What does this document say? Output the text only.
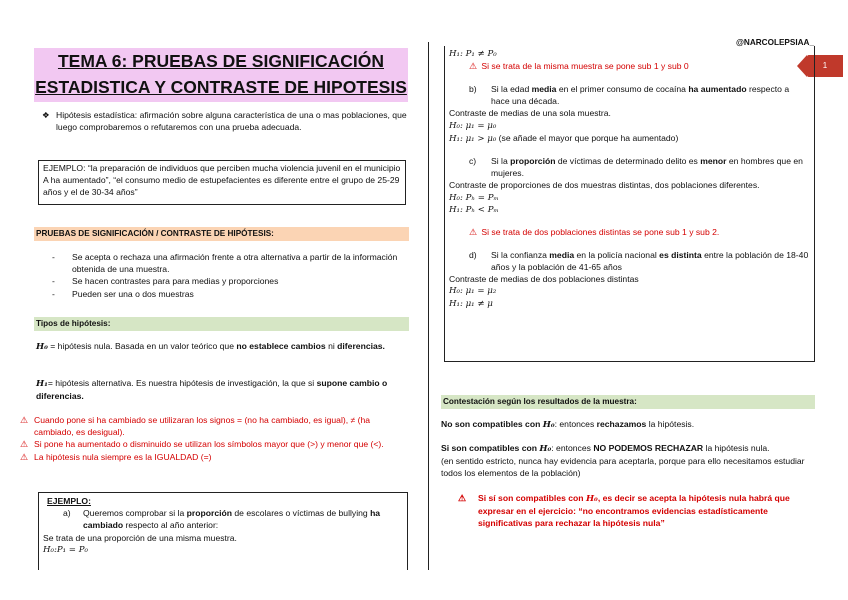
@NARCOLEPSIAA_
1
TEMA 6: PRUEBAS DE SIGNIFICACIÓN
ESTADISTICA Y CONTRASTE DE HIPOTESIS
❖ Hipótesis estadística: afirmación sobre alguna característica de una o mas poblaciones, que luego comprobaremos o refutaremos con una prueba adecuada.
EJEMPLO: “la preparación de individuos que perciben mucha violencia juvenil en el municipio A ha aumentado”, “el consumo medio de estupefacientes es diferente entre el grupo de 25-29 años y el de 30-34 años”
PRUEBAS DE SIGNIFICACIÓN / CONTRASTE DE HIPÓTESIS:
-	Se acepta o rechaza una afirmación frente a otra alternativa a partir de la información obtenida de una muestra.
-	Se hacen contrastes para para medias y proporciones
-	Pueden ser una o dos muestras
Tipos de hipótesis:
H₀ = hipótesis nula. Basada en un valor teórico que no establece cambios ni diferencias.
H₁= hipótesis alternativa. Es nuestra hipótesis de investigación, la que si supone cambio o diferencias.
⚠ Cuando pone si ha cambiado se utilizaran los signos = (no ha cambiado, es igual), ≠ (ha cambiado, es desigual).
⚠ Si pone ha aumentado o disminuido se utilizan los símbolos mayor que (>) y menor que (<).
⚠ La hipótesis nula siempre es la IGUALDAD (=)
EJEMPLO:
a)	Queremos comprobar si la proporción de escolares o víctimas de bullying ha cambiado respecto al año anterior:
Se trata de una proporción de una misma muestra.
H₀:P₁ = P₀
H₁: P₁ ≠ P₀
⚠ Si se trata de la misma muestra se pone sub 1 y sub 0
b)	Si la edad media en el primer consumo de cocaína ha aumentado respecto a hace una década.
Contraste de medias de una sola muestra.
H₀: μ₁ = μ₀
H₁: μ₁ > μ₀ (se añade el mayor que porque ha aumentado)
c)	Si la proporción de víctimas de determinado delito es menor en hombres que en mujeres.
Contraste de proporciones de dos muestras distintas, dos poblaciones diferentes.
H₀: Pₕ = Pₘ
H₁: Pₕ < Pₘ
⚠ Si se trata de dos poblaciones distintas se pone sub 1 y sub 2.
d)	Si la confianza media en la policía nacional es distinta entre la población de 18-40 años y la población de 41-65 años
Contraste de medias de dos poblaciones distintas
H₀: μ₁ = μ₂
H₁: μ₁ ≠ μ
Contestación según los resultados de la muestra:
No son compatibles con H₀: entonces rechazamos la hipótesis.
Si son compatibles con H₀: entonces NO PODEMOS RECHAZAR la hipótesis nula.
(en sentido estricto, nunca hay evidencia para aceptarla, porque para ello necesitamos estudiar todos los elementos de la población)
⚠	Si sí son compatibles con H₀, es decir se acepta la hipótesis nula habrá que expresar en el ejercicio: “no encontramos evidencias estadísticamente significativas para rechazar la hipótesis nula”
